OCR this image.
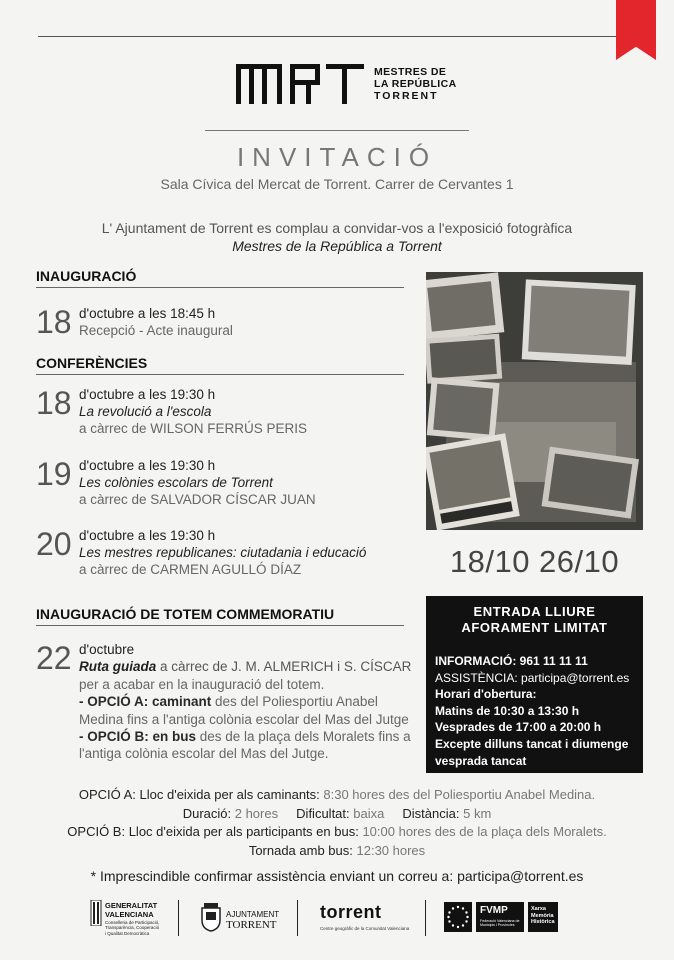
MRT
MESTRES DE
LA REPÚBLICA
TORRENT
INVITACIÓ
Sala Cívica del Mercat de Torrent. Carrer de Cervantes 1
L' Ajuntament de Torrent es complau a convidar-vos a l'exposició fotogràfica
Mestres de la República a Torrent
INAUGURACIÓ
18 d'octubre a les 18:45 h
Recepció - Acte inaugural
CONFERÈNCIES
18 d'octubre a les 19:30 h
La revolució a l'escola
a càrrec de WILSON FERRÚS PERIS
19 d'octubre a les 19:30 h
Les colònies escolars de Torrent
a càrrec de SALVADOR CÍSCAR JUAN
20 d'octubre a les 19:30 h
Les mestres republicanes: ciutadania i educació
a càrrec de CARMEN AGULLÓ DÍAZ
INAUGURACIÓ DE TOTEM COMMEMORATIU
22 d'octubre
Ruta guiada a càrrec de J. M. ALMERICH i S. CÍSCAR
per a acabar en la inauguració del totem.
- OPCIÓ A: caminant des del Poliesportiu Anabel
Medina fins a l'antiga colònia escolar del Mas del Jutge
- OPCIÓ B: en bus des de la plaça dels Moralets fins a
l'antiga colònia escolar del Mas del Jutge.
18/10 26/10
ENTRADA LLIURE
AFORAMENT LIMITAT
INFORMACIÓ: 961 11 11 11
ASSISTÈNCIA: participa@torrent.es
Horari d'obertura:
Matins de 10:30 a 13:30 h
Vesprades de 17:00 a 20:00 h
Excepte dilluns tancat i diumenge
vesprada tancat
OPCIÓ A: Lloc d'eixida per als caminants: 8:30 hores des del Poliesportiu Anabel Medina.
Duració: 2 hores Dificultat: baixa Distància: 5 km
OPCIÓ B: Lloc d'eixida per als participants en bus: 10:00 hores des de la plaça dels Moralets.
Tornada amb bus: 12:30 hores
* Imprescindible confirmar assistència enviant un correu a: participa@torrent.es
GENERALITAT
VALENCIANA
Conselleria de Participació,
Transparència, Cooperació
i Qualitat Democràtica
AJUNTAMENT
TORRENT
torrent
Centre geogràfic de la Comunitat Valenciana
FVMP
Federació Valenciana de Municipis i Províncies
Xarxa
Memòria
Històrica
